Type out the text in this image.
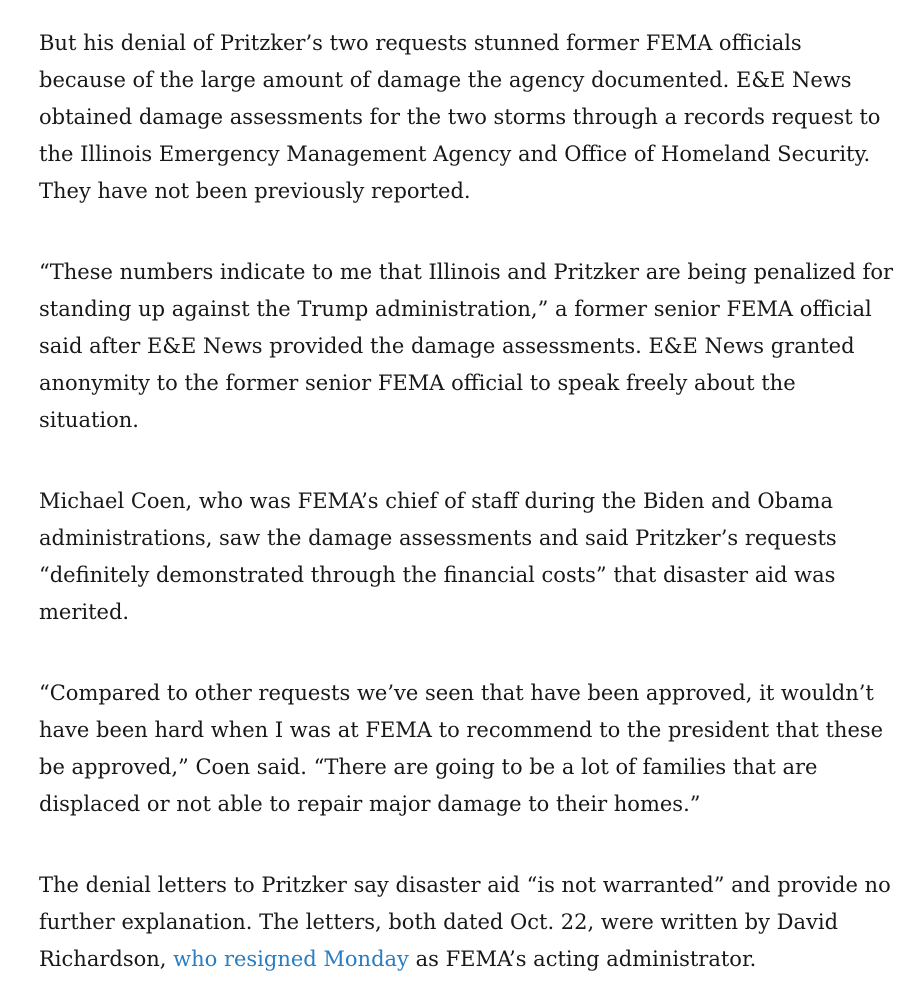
But his denial of Pritzker’s two requests stunned former FEMA officials because of the large amount of damage the agency documented. E&E News obtained damage assessments for the two storms through a records request to the Illinois Emergency Management Agency and Office of Homeland Security. They have not been previously reported.

“These numbers indicate to me that Illinois and Pritzker are being penalized for standing up against the Trump administration,” a former senior FEMA official said after E&E News provided the damage assessments. E&E News granted anonymity to the former senior FEMA official to speak freely about the situation.

Michael Coen, who was FEMA’s chief of staff during the Biden and Obama administrations, saw the damage assessments and said Pritzker’s requests “definitely demonstrated through the financial costs” that disaster aid was merited.

“Compared to other requests we’ve seen that have been approved, it wouldn’t have been hard when I was at FEMA to recommend to the president that these be approved,” Coen said. “There are going to be a lot of families that are displaced or not able to repair major damage to their homes.”

The denial letters to Pritzker say disaster aid “is not warranted” and provide no further explanation. The letters, both dated Oct. 22, were written by David Richardson, who resigned Monday as FEMA’s acting administrator.
